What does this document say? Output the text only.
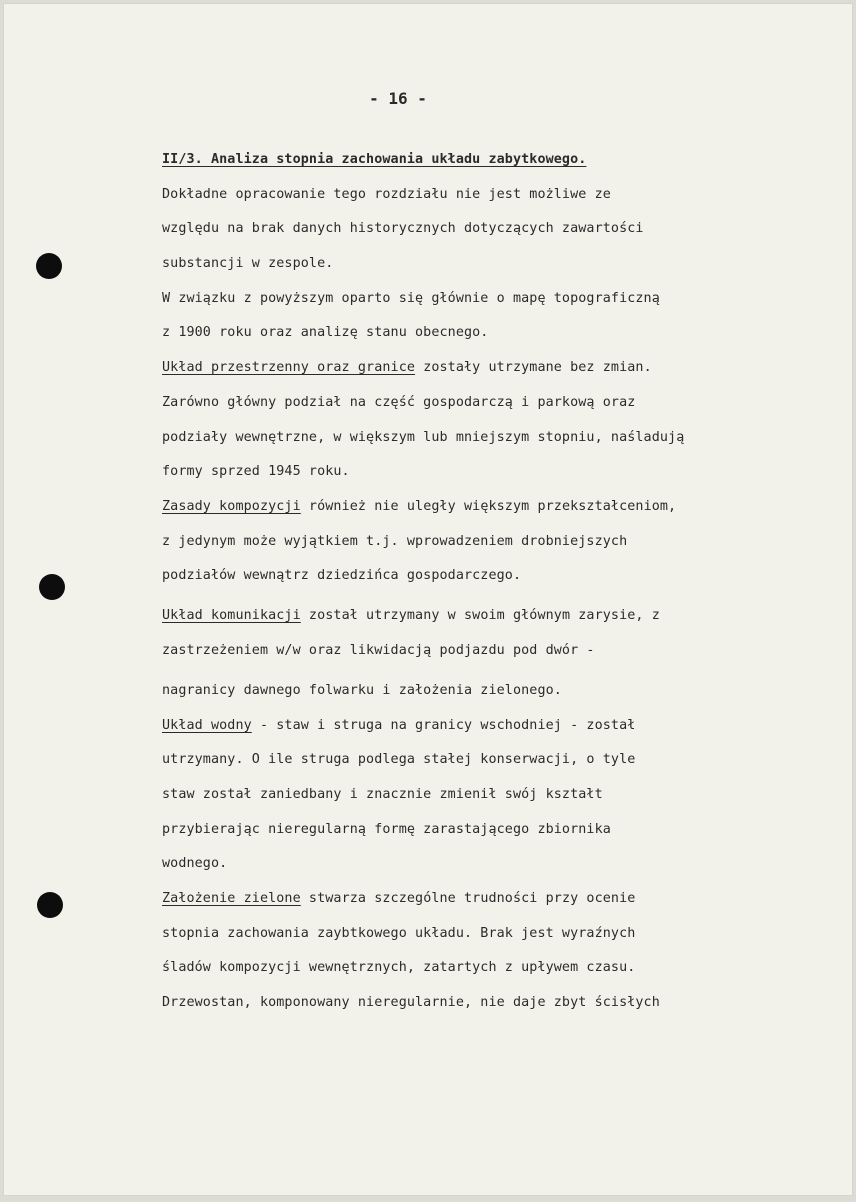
- 16 -
II/3. Analiza stopnia zachowania układu zabytkowego.
Dokładne opracowanie tego rozdziału nie jest możliwe ze
względu na brak danych historycznych dotyczących zawartości
substancji w zespole.
W związku z powyższym oparto się głównie o mapę topograficzną
z 1900 roku oraz analizę stanu obecnego.
Układ przestrzenny oraz granice zostały utrzymane bez zmian.
Zarówno główny podział na część gospodarczą i parkową oraz
podziały wewnętrzne, w większym lub mniejszym stopniu, naśladują
formy sprzed 1945 roku.
Zasady kompozycji również nie uległy większym przekształceniom,
z jedynym może wyjątkiem t.j. wprowadzeniem drobniejszych
podziałów wewnątrz dziedzińca gospodarczego.
Układ komunikacji został utrzymany w swoim głównym zarysie, z
zastrzeżeniem w/w oraz likwidacją podjazdu pod dwór -
nagranicy dawnego folwarku i założenia zielonego.
Układ wodny - staw i struga na granicy wschodniej - został
utrzymany. O ile struga podlega stałej konserwacji, o tyle
staw został zaniedbany i znacznie zmienił swój kształt
przybierając nieregularną formę zarastającego zbiornika
wodnego.
Założenie zielone stwarza szczególne trudności przy ocenie
stopnia zachowania zaybtkowego układu. Brak jest wyraźnych
śladów kompozycji wewnętrznych, zatartych z upływem czasu.
Drzewostan, komponowany nieregularnie, nie daje zbyt ścisłych
